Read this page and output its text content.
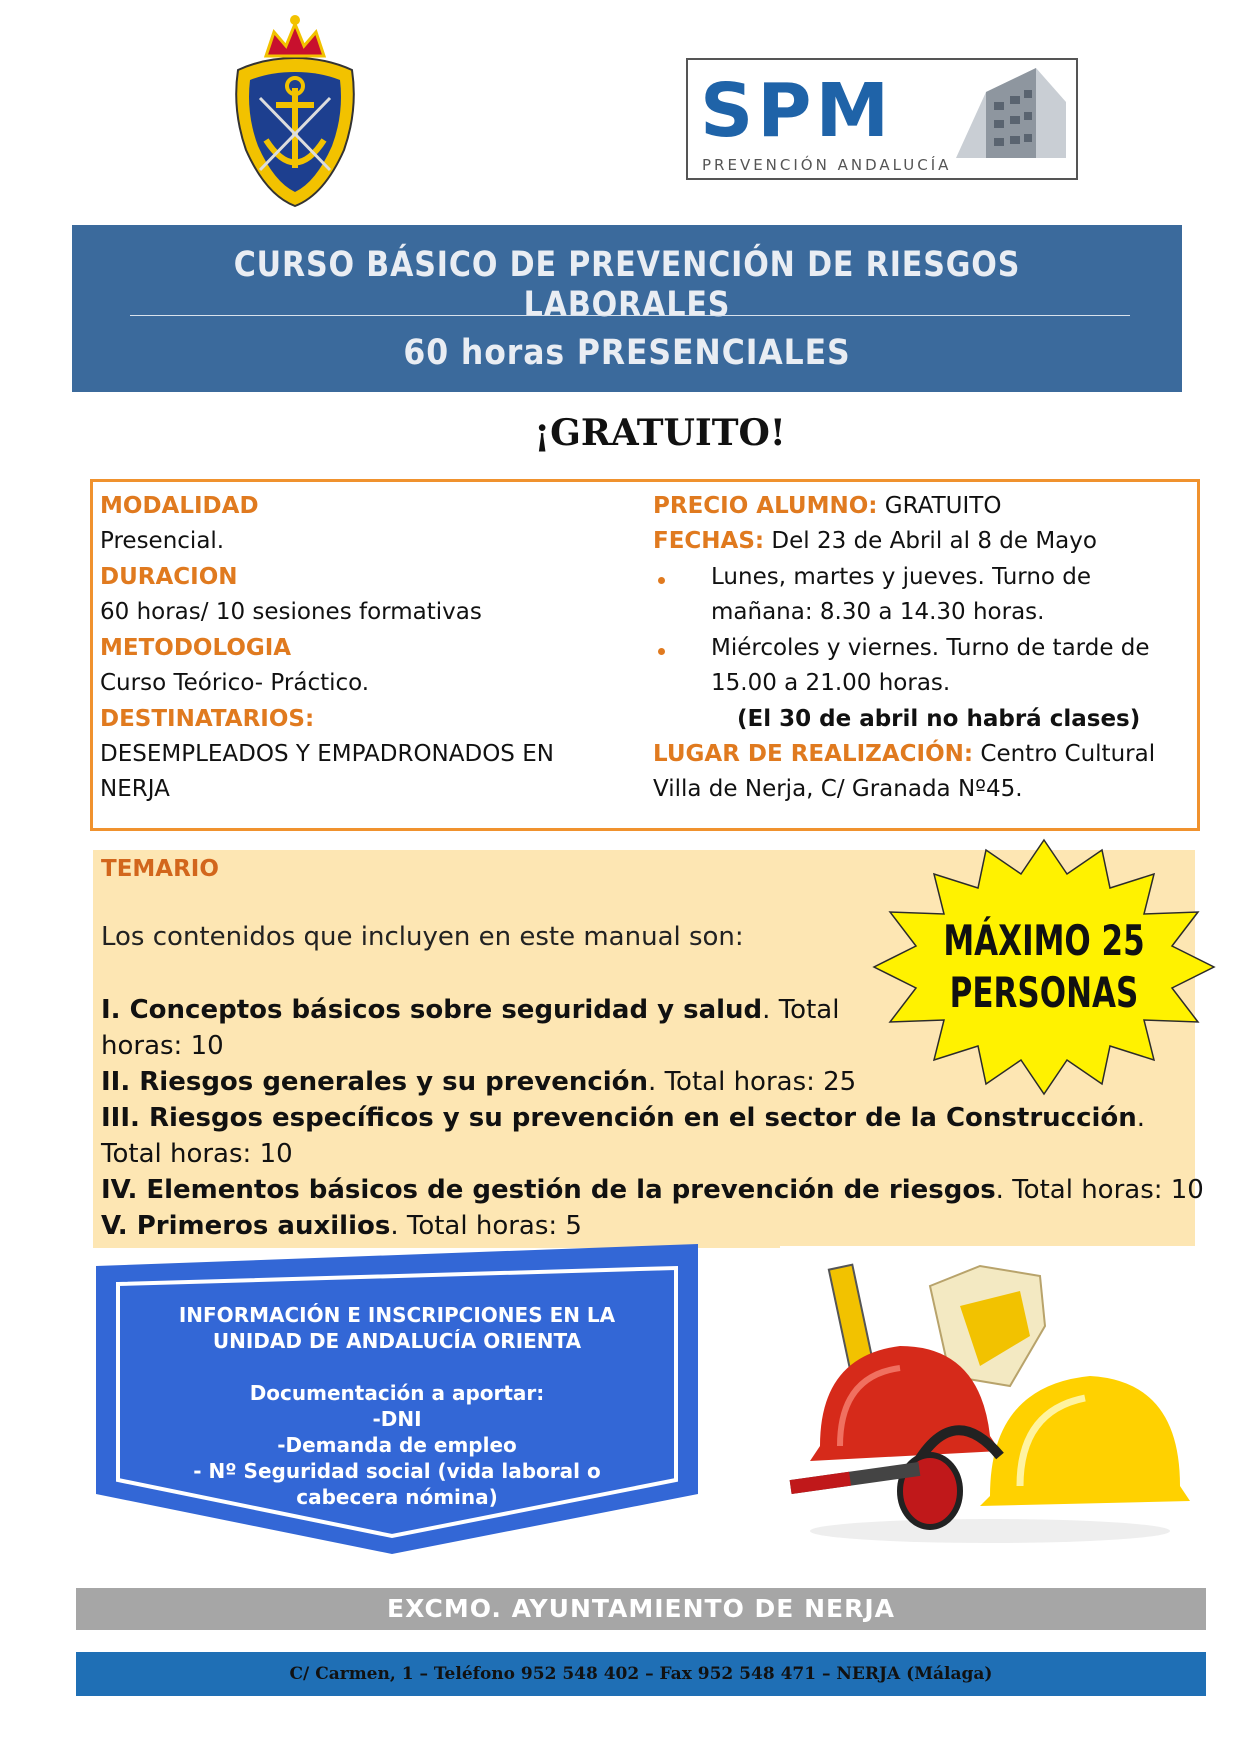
SPM
PREVENCIÓN ANDALUCÍA
CURSO BÁSICO DE PREVENCIÓN DE RIESGOS LABORALES
60 horas PRESENCIALES
¡GRATUITO!
MODALIDAD
Presencial.
DURACION
60 horas/ 10 sesiones formativas
METODOLOGIA
Curso Teórico- Práctico.
DESTINATARIOS:
DESEMPLEADOS Y EMPADRONADOS EN
NERJA
PRECIO ALUMNO: GRATUITO
FECHAS: Del 23 de Abril al 8 de Mayo
Lunes, martes y jueves. Turno de
mañana: 8.30 a 14.30 horas.
Miércoles y viernes. Turno de tarde de
15.00 a 21.00 horas.
(El 30 de abril no habrá clases)
LUGAR DE REALIZACIÓN: Centro Cultural
Villa de Nerja, C/ Granada Nº45.
TEMARIO
Los contenidos que incluyen en este manual son:
I. Conceptos básicos sobre seguridad y salud. Total
horas: 10
II. Riesgos generales y su prevención. Total horas: 25
III. Riesgos específicos y su prevención en el sector de la Construcción.
Total horas: 10
IV. Elementos básicos de gestión de la prevención de riesgos. Total horas: 10
V. Primeros auxilios. Total horas: 5
MÁXIMO 25
PERSONAS
INFORMACIÓN E INSCRIPCIONES EN LA
UNIDAD DE ANDALUCÍA ORIENTA
Documentación a aportar:
-DNI
-Demanda de empleo
- Nº Seguridad social (vida laboral o
cabecera nómina)
EXCMO. AYUNTAMIENTO DE NERJA
C/ Carmen, 1 – Teléfono 952 548 402 – Fax 952 548 471 – NERJA (Málaga)
